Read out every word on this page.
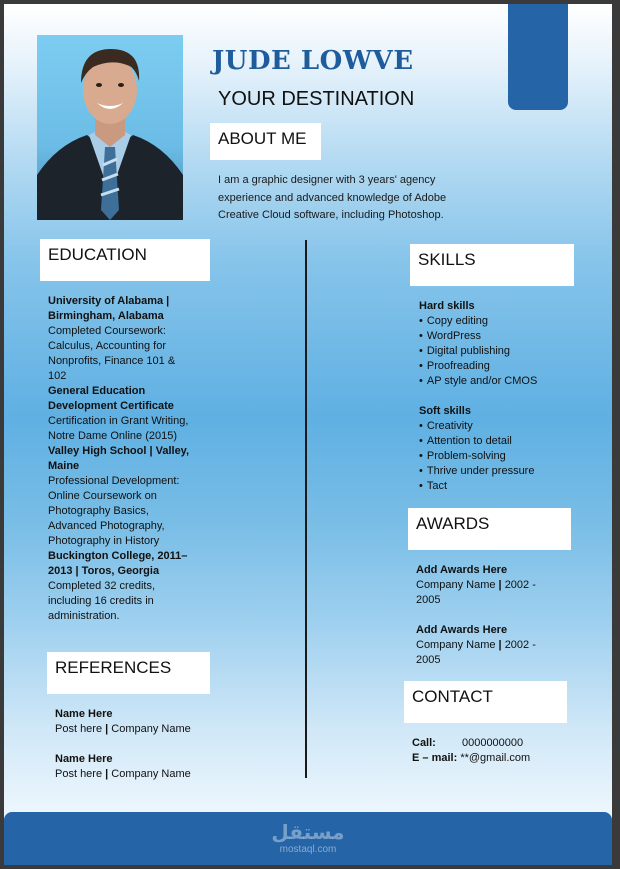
JUDE LOWVE
YOUR DESTINATION
ABOUT ME
I am a graphic designer with 3 years' agency
experience and advanced knowledge of Adobe
Creative Cloud software, including Photoshop.
EDUCATION
University of Alabama |
Birmingham, Alabama
Completed Coursework:
Calculus, Accounting for
Nonprofits, Finance 101 &
102
General Education
Development Certificate
Certification in Grant Writing,
Notre Dame Online (2015)
Valley High School | Valley,
Maine
Professional Development:
Online Coursework on
Photography Basics,
Advanced Photography,
Photography in History
Buckington College, 2011–
2013 | Toros, Georgia
Completed 32 credits,
including 16 credits in
administration.
REFERENCES
Name Here
Post here | Company Name
Name Here
Post here | Company Name
SKILLS
Hard skills
• Copy editing
• WordPress
• Digital publishing
• Proofreading
• AP style and/or CMOS
Soft skills
• Creativity
• Attention to detail
• Problem-solving
• Thrive under pressure
• Tact
AWARDS
Add Awards Here
Company Name | 2002 -
2005
Add Awards Here
Company Name | 2002 -
2005
CONTACT
Call: 0000000000
E – mail: **@gmail.com
مستقل
mostaql.com
